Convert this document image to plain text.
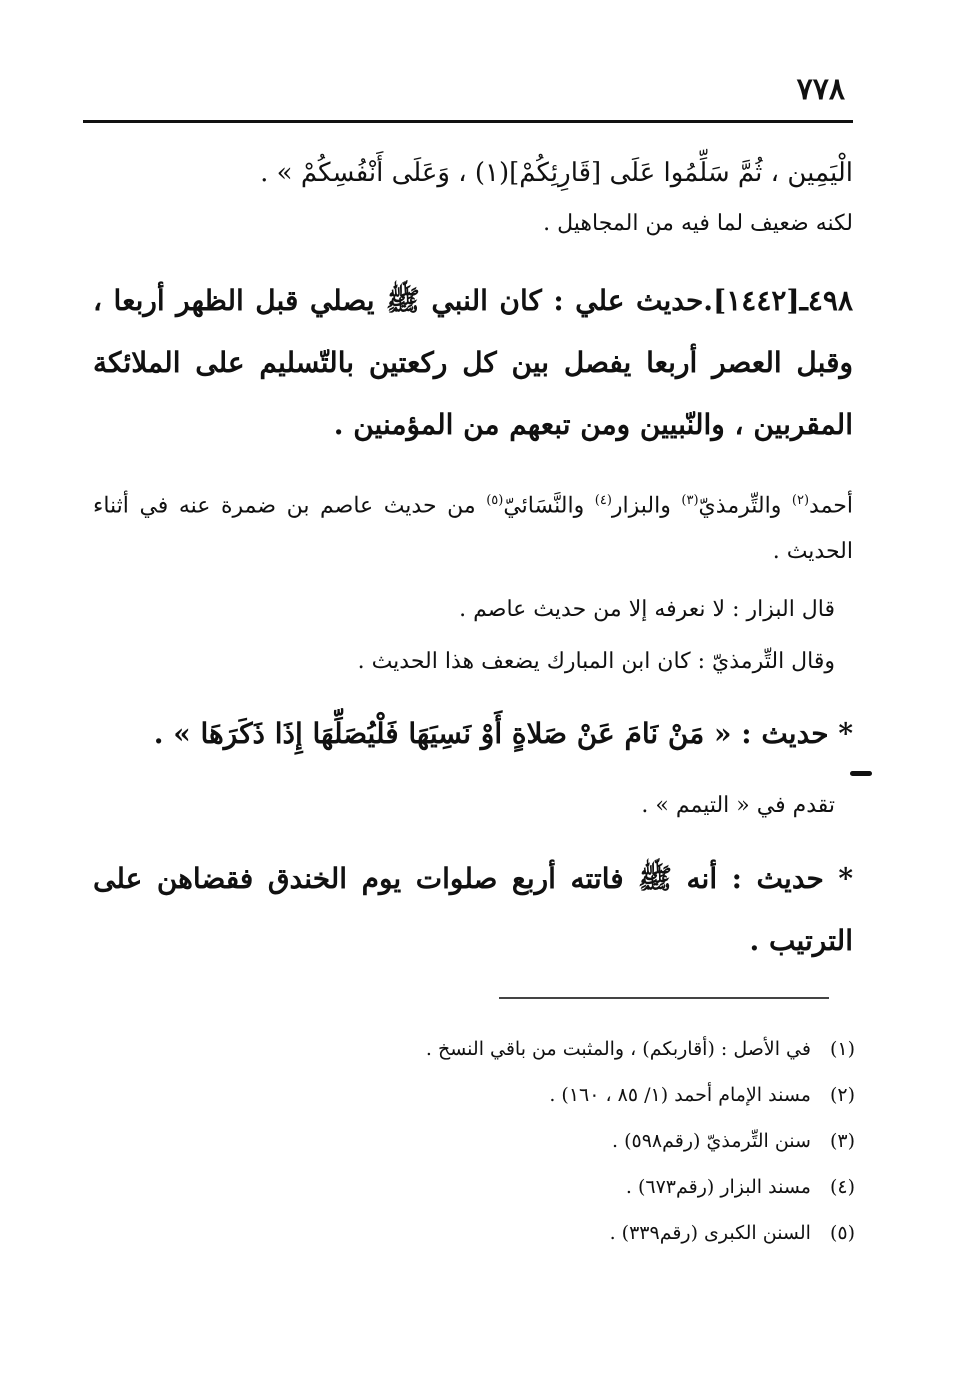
٧٧٨

الْيَمِين ، ثُمَّ سَلِّمُوا عَلَى [قَارِئِكُمْ](١) ، وَعَلَى أَنْفُسِكُمْ » .

لكنه ضعيف لما فيه من المجاهيل .

٤٩٨ـ[١٤٤٢].حديث علي : كان النبي ﷺ يصلي قبل الظهر أربعا ، وقبل العصر أربعا يفصل بين كل ركعتين بالتّسليم على الملائكة المقربين ، والنّبيين ومن تبعهم من المؤمنين .

أحمد$^{(٢)}$ والتِّرمذيّ$^{(٣)}$ والبزار$^{(٤)}$ والنَّسَائيّ$^{(٥)}$ من حديث عاصم بن ضمرة عنه في أثناء الحديث .

قال البزار : لا نعرفه إلا من حديث عاصم .

وقال التِّرمذيّ : كان ابن المبارك يضعف هذا الحديث .

* حديث : « مَنْ نَامَ عَنْ صَلاةٍ أَوْ نَسِيَهَا فَلْيُصَلِّهَا إِذَا ذَكَرَهَا » .

تقدم في « التيمم » .

* حديث : أنه ﷺ فاتته أربع صلوات يوم الخندق فقضاهن على الترتيب .

(١) في الأصل : (أقاربكم) ، والمثبت من باقي النسخ .
(٢) مسند الإمام أحمد (١/ ٨٥ ، ١٦٠) .
(٣) سنن التِّرمذيّ (رقم٥٩٨) .
(٤) مسند البزار (رقم٦٧٣) .
(٥) السنن الكبرى (رقم٣٣٩) .
